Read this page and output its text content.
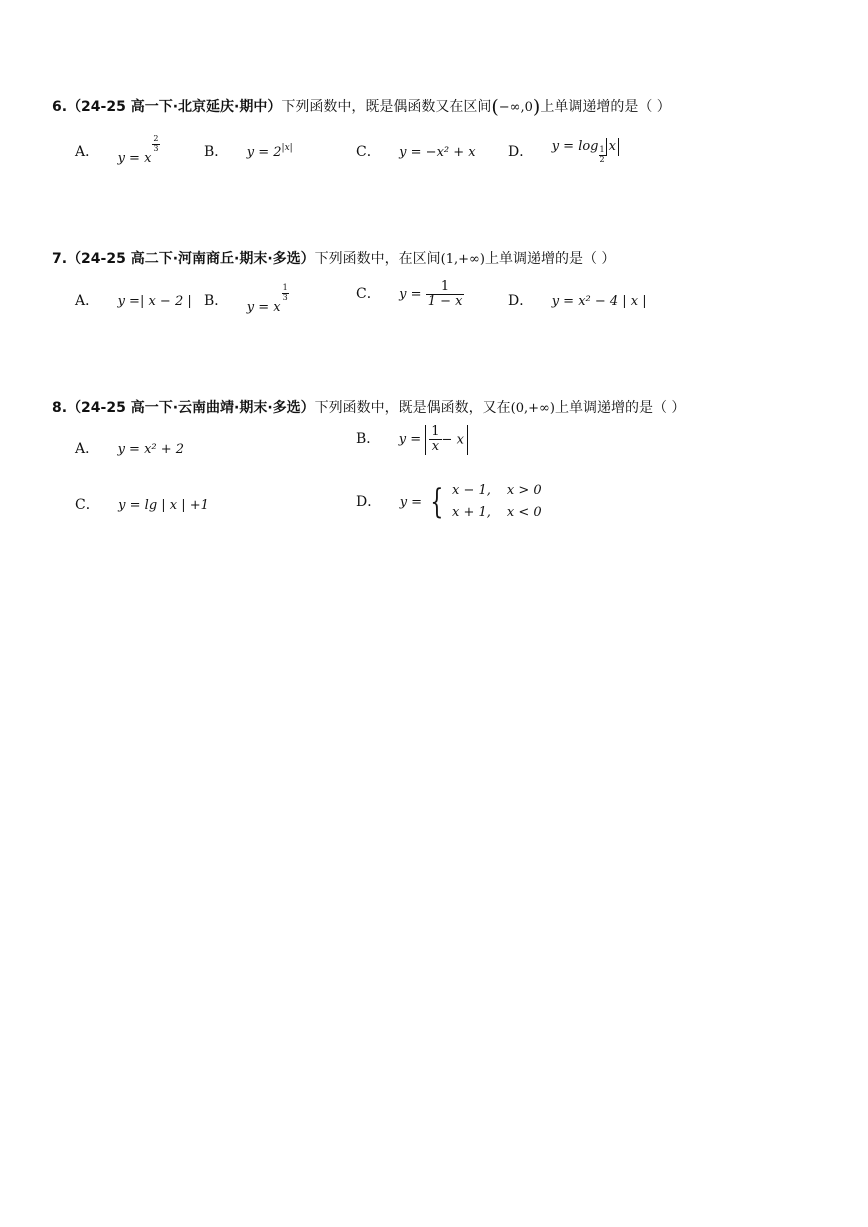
6.（24-25 高一下·北京延庆·期中）下列函数中，既是偶函数又在区间(−∞,0)上单调递增的是（ ）
A． y = x
$\frac{2}{3}$	B． $y = 2^{|x|}$	C． y = −x² + x D． $y = \log \frac{1}{2}$ x
7.（24-25 高二下·河南商丘·期末·多选）下列函数中，在区间(1,+∞)上单调递增的是（ ）
A． y =| x − 2 | B． y = x
$\frac{1}{3}$	C． $y = \frac{1}{1 - x}$	D． y = x² − 4 | x |
8.（24-25 高一下·云南曲靖·期末·多选）下列函数中，既是偶函数，又在(0,+∞)上单调递增的是（ ）
A． y = x² + 2
B． $y = \frac{1}{x} - x$
C． y = lg | x | +1	D． y = { x − 1, x > 0
x + 1, x < 0
